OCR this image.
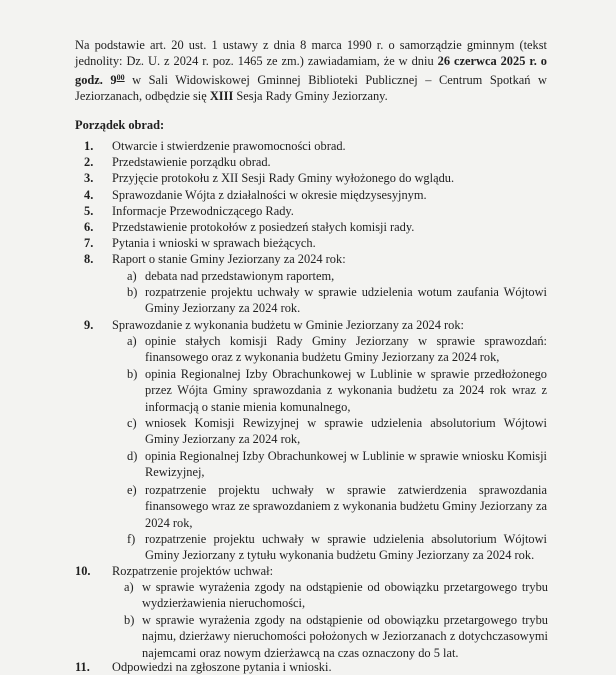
Na podstawie art. 20 ust. 1 ustawy z dnia 8 marca 1990 r. o samorządzie gminnym (tekst jednolity: Dz. U. z 2024 r. poz. 1465 ze zm.) zawiadamiam, że w dniu 26 czerwca 2025 r. o godz. $9^{00}$ w Sali Widowiskowej Gminnej Biblioteki Publicznej – Centrum Spotkań w Jeziorzanach, odbędzie się XIII Sesja Rady Gminy Jeziorzany.
Porządek obrad:
1. Otwarcie i stwierdzenie prawomocności obrad.
2. Przedstawienie porządku obrad.
3. Przyjęcie protokołu z XII Sesji Rady Gminy wyłożonego do wglądu.
4. Sprawozdanie Wójta z działalności w okresie międzysesyjnym.
5. Informacje Przewodniczącego Rady.
6. Przedstawienie protokołów z posiedzeń stałych komisji rady.
7. Pytania i wnioski w sprawach bieżących.
8. Raport o stanie Gminy Jeziorzany za 2024 rok:
a) debata nad przedstawionym raportem,
b) rozpatrzenie projektu uchwały w sprawie udzielenia wotum zaufania Wójtowi Gminy Jeziorzany za 2024 rok.
9. Sprawozdanie z wykonania budżetu w Gminie Jeziorzany za 2024 rok:
a) opinie stałych komisji Rady Gminy Jeziorzany w sprawie sprawozdań: finansowego oraz z wykonania budżetu Gminy Jeziorzany za 2024 rok,
b) opinia Regionalnej Izby Obrachunkowej w Lublinie w sprawie przedłożonego przez Wójta Gminy sprawozdania z wykonania budżetu za 2024 rok wraz z informacją o stanie mienia komunalnego,
c) wniosek Komisji Rewizyjnej w sprawie udzielenia absolutorium Wójtowi Gminy Jeziorzany za 2024 rok,
d) opinia Regionalnej Izby Obrachunkowej w Lublinie w sprawie wniosku Komisji Rewizyjnej,
e) rozpatrzenie projektu uchwały w sprawie zatwierdzenia sprawozdania finansowego wraz ze sprawozdaniem z wykonania budżetu Gminy Jeziorzany za 2024 rok,
f) rozpatrzenie projektu uchwały w sprawie udzielenia absolutorium Wójtowi Gminy Jeziorzany z tytułu wykonania budżetu Gminy Jeziorzany za 2024 rok.
10. Rozpatrzenie projektów uchwał:
a) w sprawie wyrażenia zgody na odstąpienie od obowiązku przetargowego trybu wydzierżawienia nieruchomości,
b) w sprawie wyrażenia zgody na odstąpienie od obowiązku przetargowego trybu najmu, dzierżawy nieruchomości położonych w Jeziorzanach z dotychczasowymi najemcami oraz nowym dzierżawcą na czas oznaczony do 5 lat.
11. Odpowiedzi na zgłoszone pytania i wnioski.
